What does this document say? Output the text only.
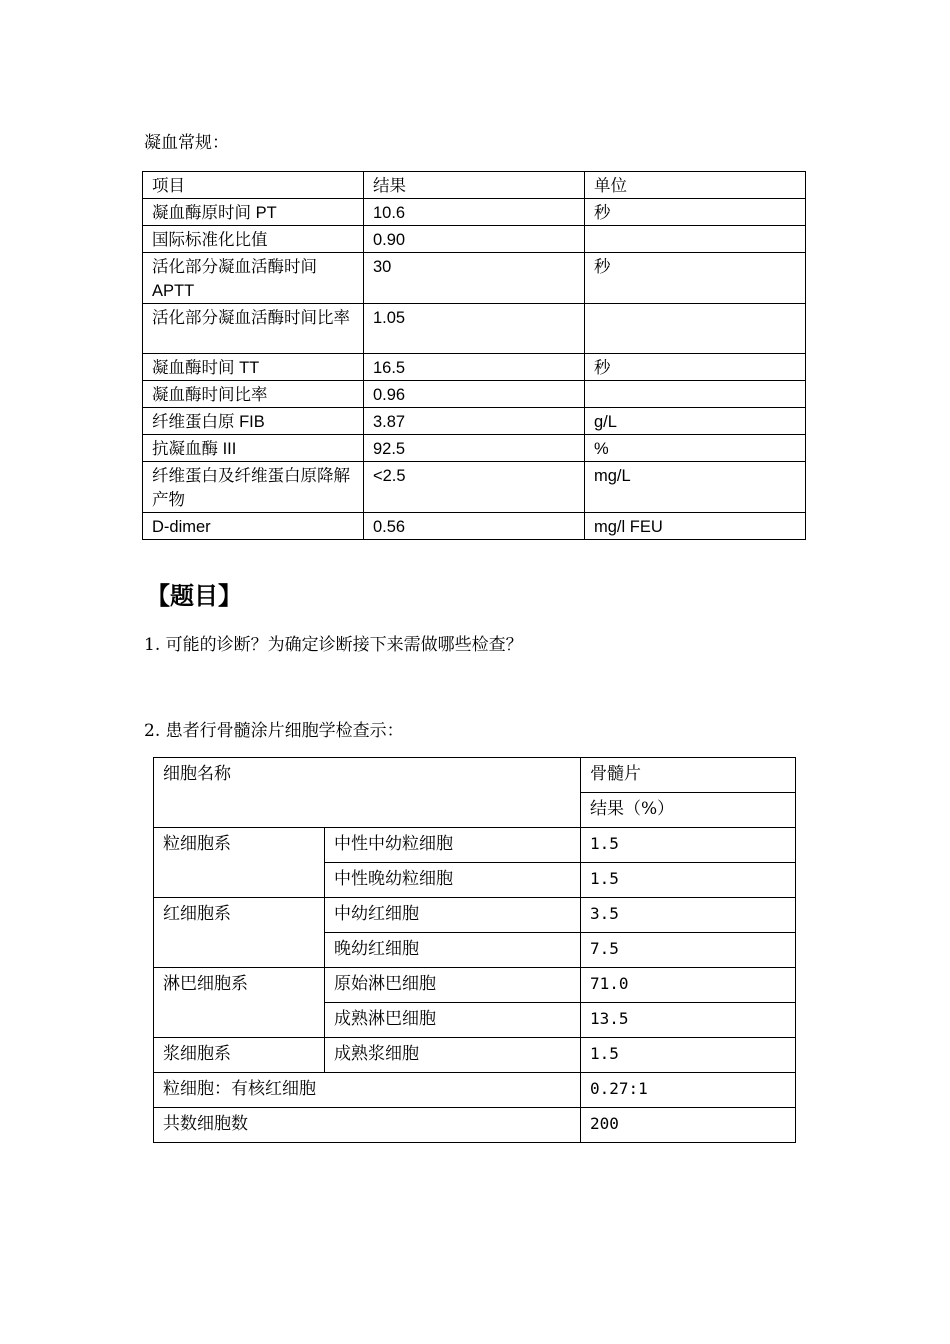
凝血常规：
项目	结果	单位
凝血酶原时间 PT	10.6	秒
国际标准化比值	0.90	
活化部分凝血活酶时间 APTT	30	秒
活化部分凝血活酶时间比率	1.05	
凝血酶时间 TT	16.5	秒
凝血酶时间比率	0.96	
纤维蛋白原 FIB	3.87	g/L
抗凝血酶 III	92.5	%
纤维蛋白及纤维蛋白原降解产物	<2.5	mg/L
D-dimer	0.56	mg/l FEU
【题目】
1. 可能的诊断？为确定诊断接下来需做哪些检查？
2. 患者行骨髓涂片细胞学检查示：
细胞名称		骨髓片
		结果（%）
粒细胞系	中性中幼粒细胞	1.5
	中性晚幼粒细胞	1.5
红细胞系	中幼红细胞	3.5
	晚幼红细胞	7.5
淋巴细胞系	原始淋巴细胞	71.0
	成熟淋巴细胞	13.5
浆细胞系	成熟浆细胞	1.5
粒细胞：有核红细胞		0.27:1
共数细胞数		200
